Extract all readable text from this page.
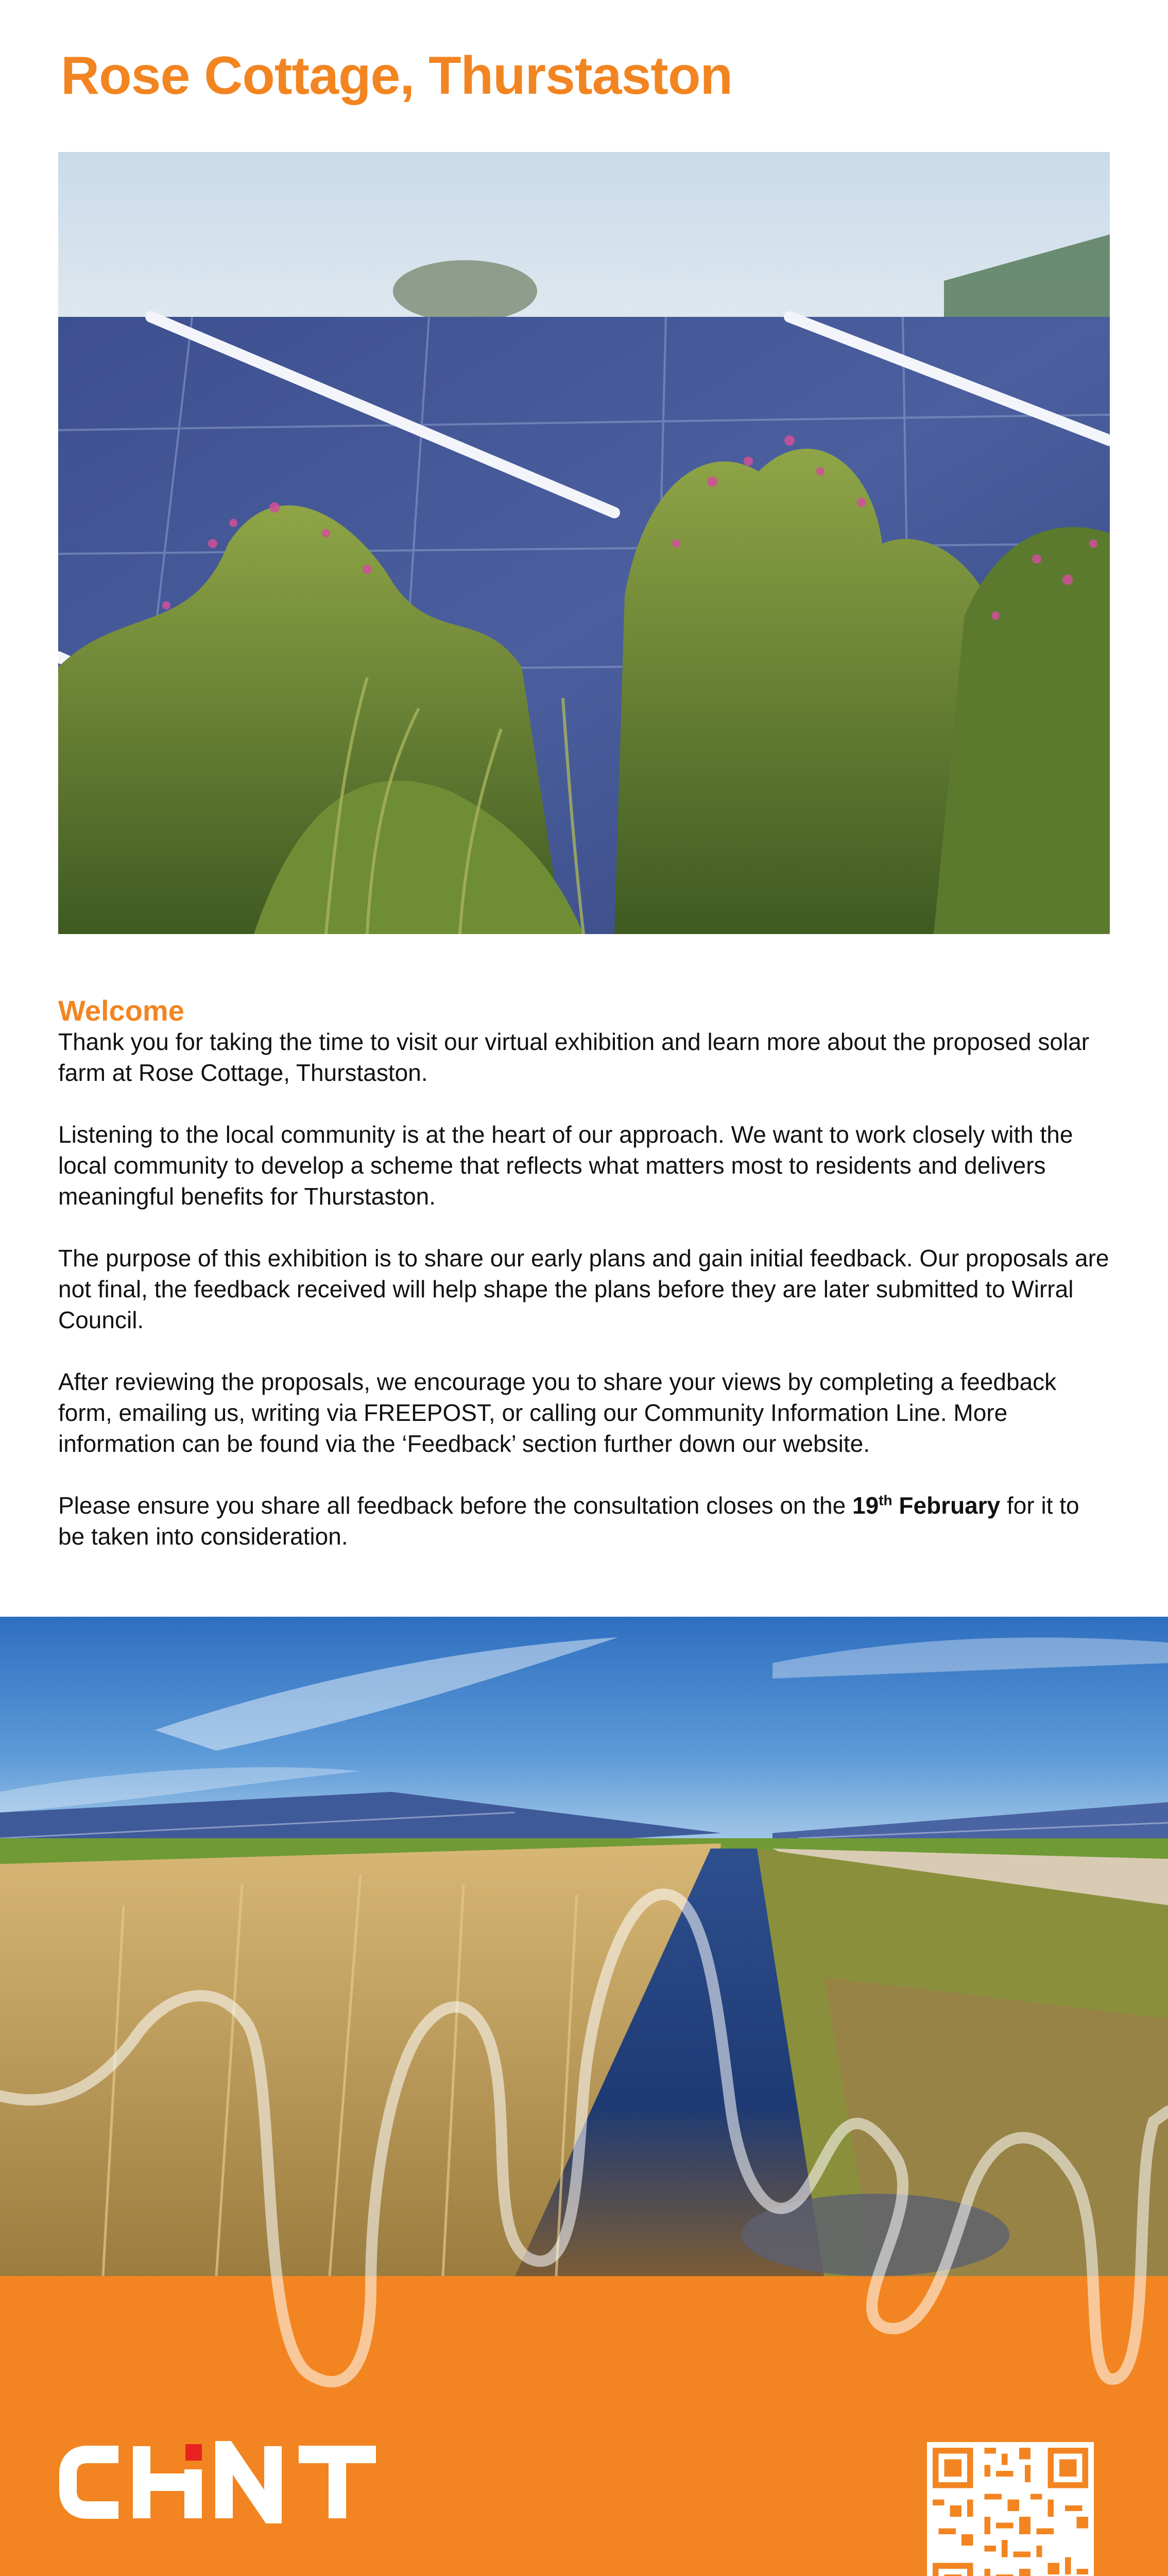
Rose Cottage, Thurstaston
Welcome

Thank you for taking the time to visit our virtual exhibition and learn more about the proposed solar farm at Rose Cottage, Thurstaston.

Listening to the local community is at the heart of our approach. We want to work closely with the local community to develop a scheme that reflects what matters most to residents and delivers meaningful benefits for Thurstaston.

The purpose of this exhibition is to share our early plans and gain initial feedback. Our proposals are not final, the feedback received will help shape the plans before they are later submitted to Wirral Council.

After reviewing the proposals, we encourage you to share your views by completing a feedback form, emailing us, writing via FREEPOST, or calling our Community Information Line. More information can be found via the ‘Feedback’ section further down our website.

Please ensure you share all feedback before the consultation closes on the 19th February for it to be taken into consideration.
